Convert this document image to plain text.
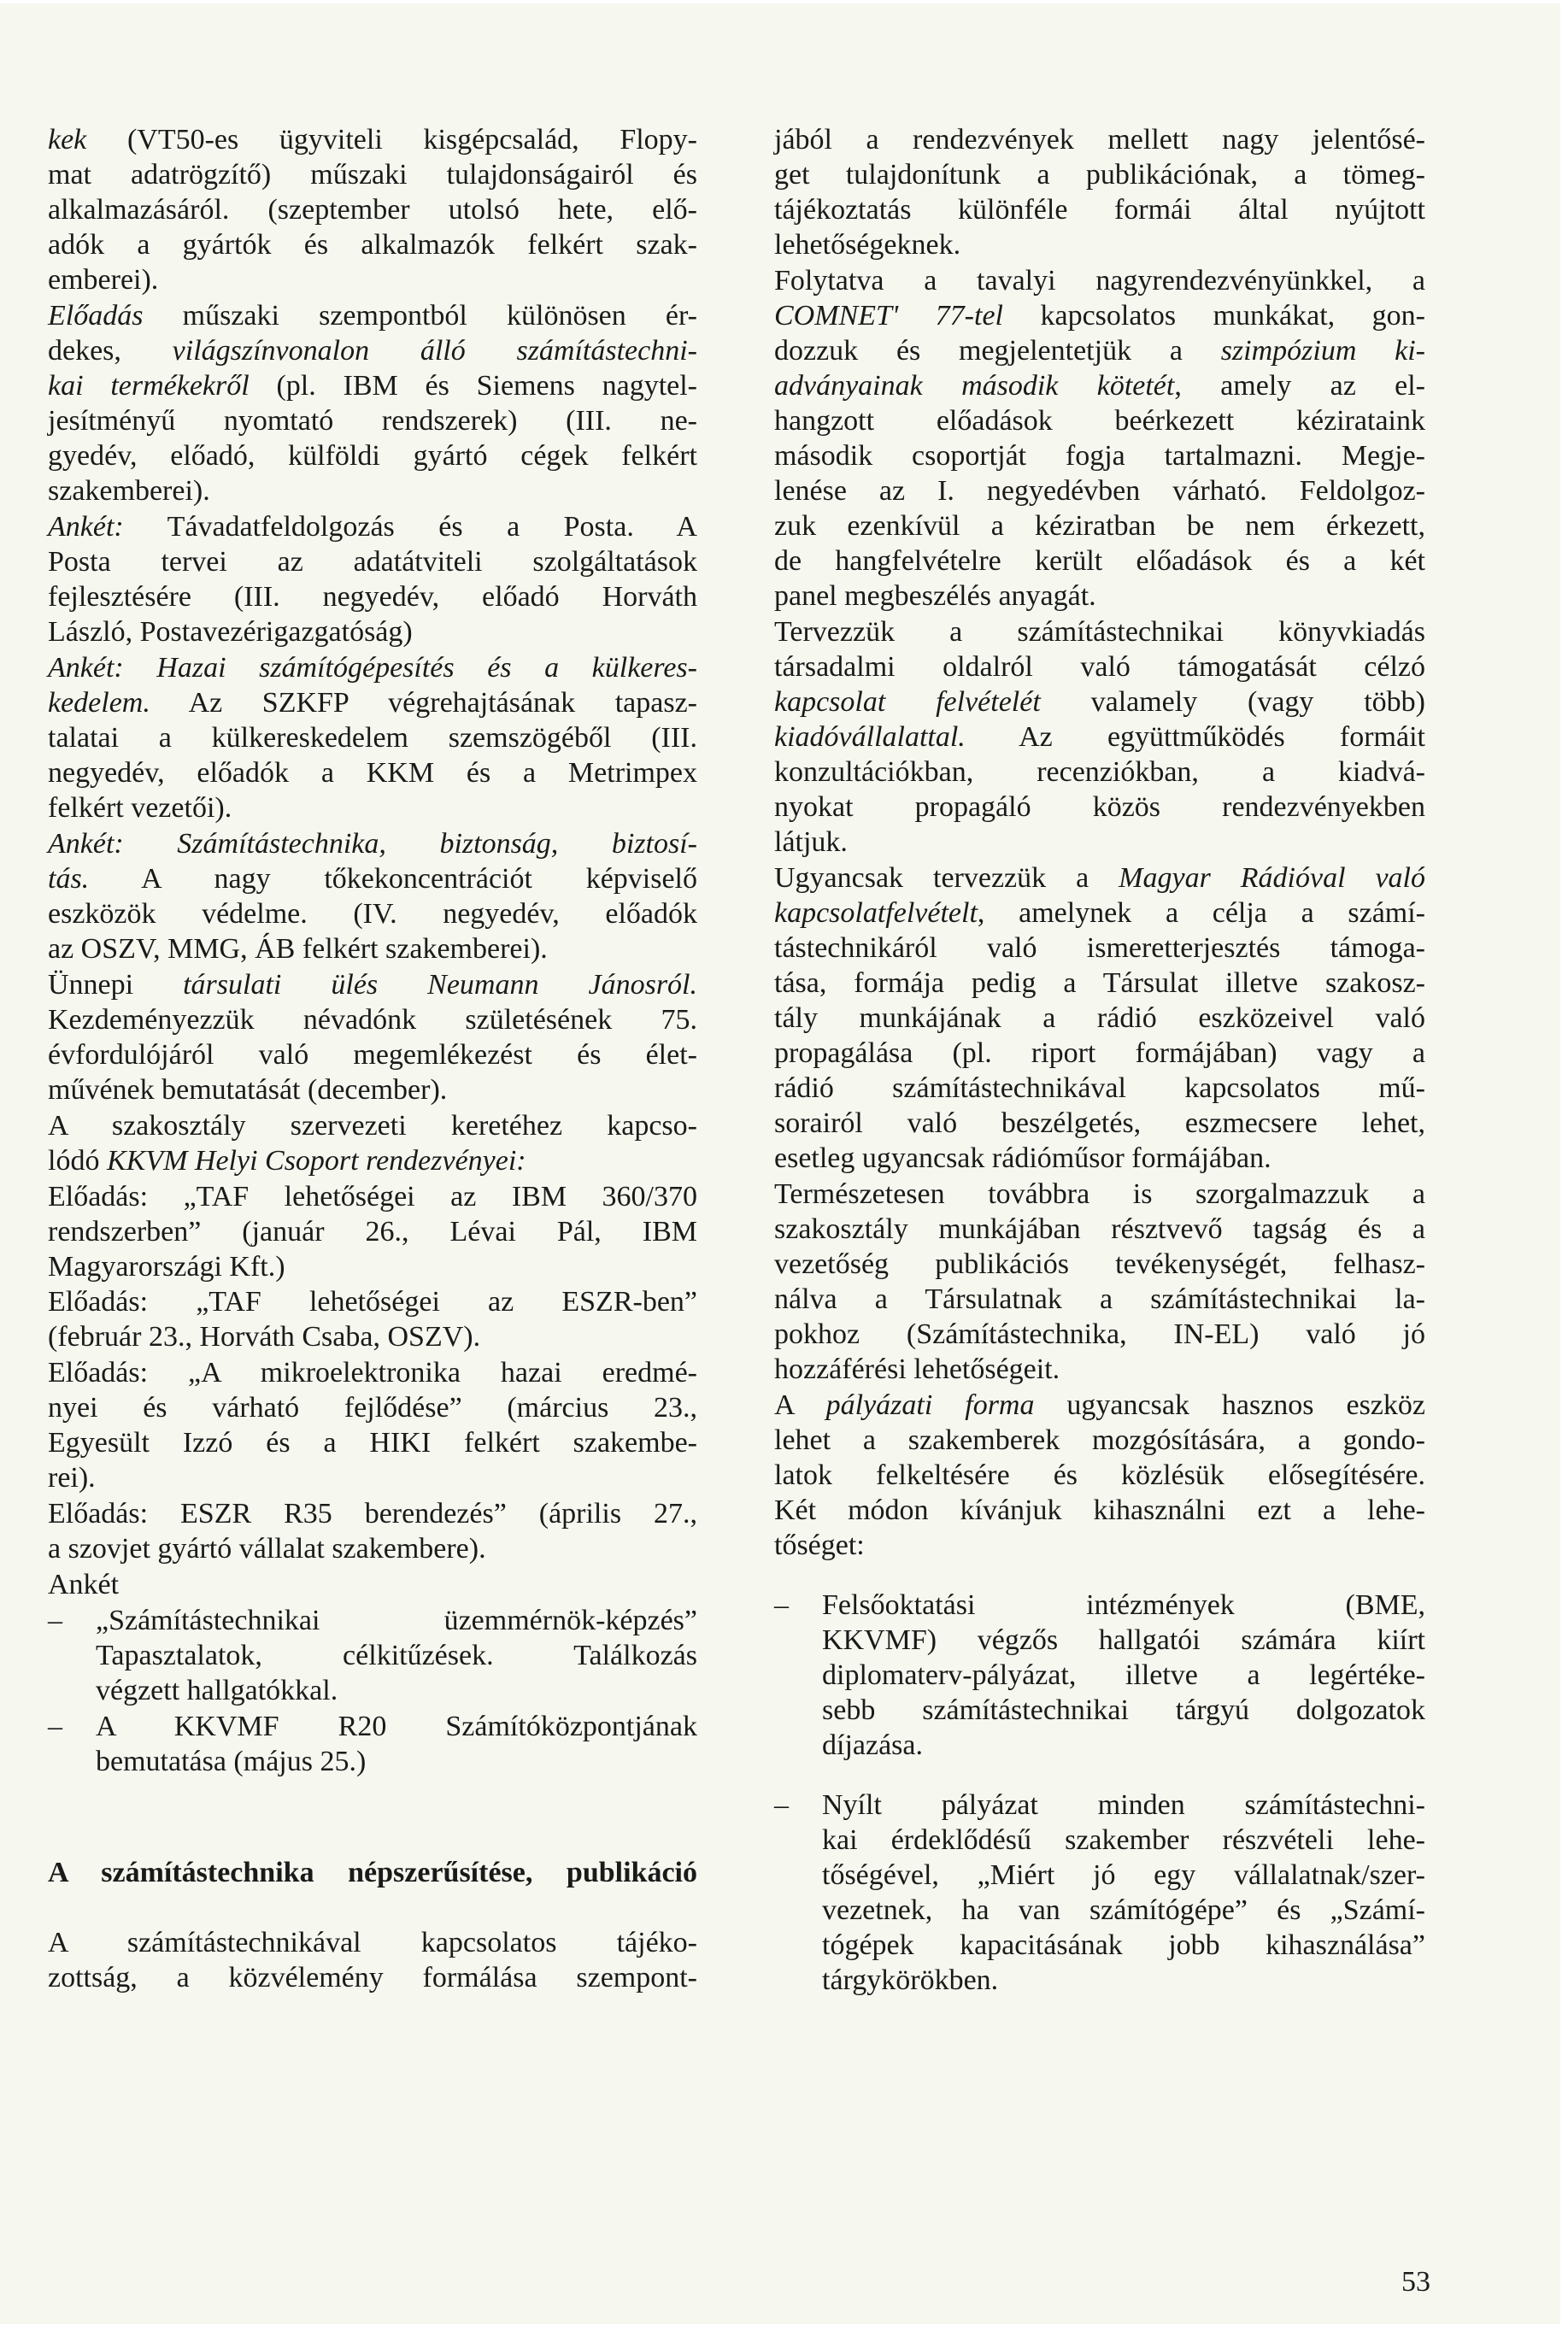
kek (VT50-es ügyviteli kisgépcsalád, Flopy-
mat adatrögzítő) műszaki tulajdonságairól és
alkalmazásáról. (szeptember utolsó hete, elő-
adók a gyártók és alkalmazók felkért szak-
emberei).
Előadás műszaki szempontból különösen ér-
dekes, világszínvonalon álló számítástechni-
kai termékekről (pl. IBM és Siemens nagytel-
jesítményű nyomtató rendszerek) (III. ne-
gyedév, előadó, külföldi gyártó cégek felkért
szakemberei).
Ankét: Távadatfeldolgozás és a Posta. A
Posta tervei az adatátviteli szolgáltatások
fejlesztésére (III. negyedév, előadó Horváth
László, Postavezérigazgatóság)
Ankét: Hazai számítógépesítés és a külkeres-
kedelem. Az SZKFP végrehajtásának tapasz-
talatai a külkereskedelem szemszögéből (III.
negyedév, előadók a KKM és a Metrimpex
felkért vezetői).
Ankét: Számítástechnika, biztonság, biztosí-
tás. A nagy tőkekoncentrációt képviselő
eszközök védelme. (IV. negyedév, előadók
az OSZV, MMG, ÁB felkért szakemberei).
Ünnepi társulati ülés Neumann Jánosról.
Kezdeményezzük névadónk születésének 75.
évfordulójáról való megemlékezést és élet-
művének bemutatását (december).
A szakosztály szervezeti keretéhez kapcso-
lódó KKVM Helyi Csoport rendezvényei:
Előadás: „TAF lehetőségei az IBM 360/370
rendszerben” (január 26., Lévai Pál, IBM
Magyarországi Kft.)
Előadás: „TAF lehetőségei az ESZR-ben”
(február 23., Horváth Csaba, OSZV).
Előadás: „A mikroelektronika hazai eredmé-
nyei és várható fejlődése” (március 23.,
Egyesült Izzó és a HIKI felkért szakembe-
rei).
Előadás: ESZR R35 berendezés” (április 27.,
a szovjet gyártó vállalat szakembere).
Ankét
„Számítástechnikai üzemmérnök-képzés”
–
Tapasztalatok, célkitűzések. Találkozás
végzett hallgatókkal.
A KKVMF R20 Számítóközpontjának
–
bemutatása (május 25.)
A számítástechnika népszerűsítése, publikáció
A számítástechnikával kapcsolatos tájéko-
zottság, a közvélemény formálása szempont-
jából a rendezvények mellett nagy jelentősé-
get tulajdonítunk a publikációnak, a tömeg-
tájékoztatás különféle formái által nyújtott
lehetőségeknek.
Folytatva a tavalyi nagyrendezvényünkkel, a
COMNET' 77-tel kapcsolatos munkákat, gon-
dozzuk és megjelentetjük a szimpózium ki-
adványainak második kötetét, amely az el-
hangzott előadások beérkezett kézirataink
második csoportját fogja tartalmazni. Megje-
lenése az I. negyedévben várható. Feldolgoz-
zuk ezenkívül a kéziratban be nem érkezett,
de hangfelvételre került előadások és a két
panel megbeszélés anyagát.
Tervezzük a számítástechnikai könyvkiadás
társadalmi oldalról való támogatását célzó
kapcsolat felvételét valamely (vagy több)
kiadóvállalattal. Az együttműködés formáit
konzultációkban, recenziókban, a kiadvá-
nyokat propagáló közös rendezvényekben
látjuk.
Ugyancsak tervezzük a Magyar Rádióval való
kapcsolatfelvételt, amelynek a célja a számí-
tástechnikáról való ismeretterjesztés támoga-
tása, formája pedig a Társulat illetve szakosz-
tály munkájának a rádió eszközeivel való
propagálása (pl. riport formájában) vagy a
rádió számítástechnikával kapcsolatos mű-
sorairól való beszélgetés, eszmecsere lehet,
esetleg ugyancsak rádióműsor formájában.
Természetesen továbbra is szorgalmazzuk a
szakosztály munkájában résztvevő tagság és a
vezetőség publikációs tevékenységét, felhasz-
nálva a Társulatnak a számítástechnikai la-
pokhoz (Számítástechnika, IN-EL) való jó
hozzáférési lehetőségeit.
A pályázati forma ugyancsak hasznos eszköz
lehet a szakemberek mozgósítására, a gondo-
latok felkeltésére és közlésük elősegítésére.
Két módon kívánjuk kihasználni ezt a lehe-
tőséget:
Felsőoktatási intézmények (BME,
–
KKVMF) végzős hallgatói számára kiírt
diplomaterv-pályázat, illetve a legértéke-
sebb számítástechnikai tárgyú dolgozatok
díjazása.
Nyílt pályázat minden számítástechni-
–
kai érdeklődésű szakember részvételi lehe-
tőségével, „Miért jó egy vállalatnak/szer-
vezetnek, ha van számítógépe” és „Számí-
tógépek kapacitásának jobb kihasználása”
tárgykörökben.
53
